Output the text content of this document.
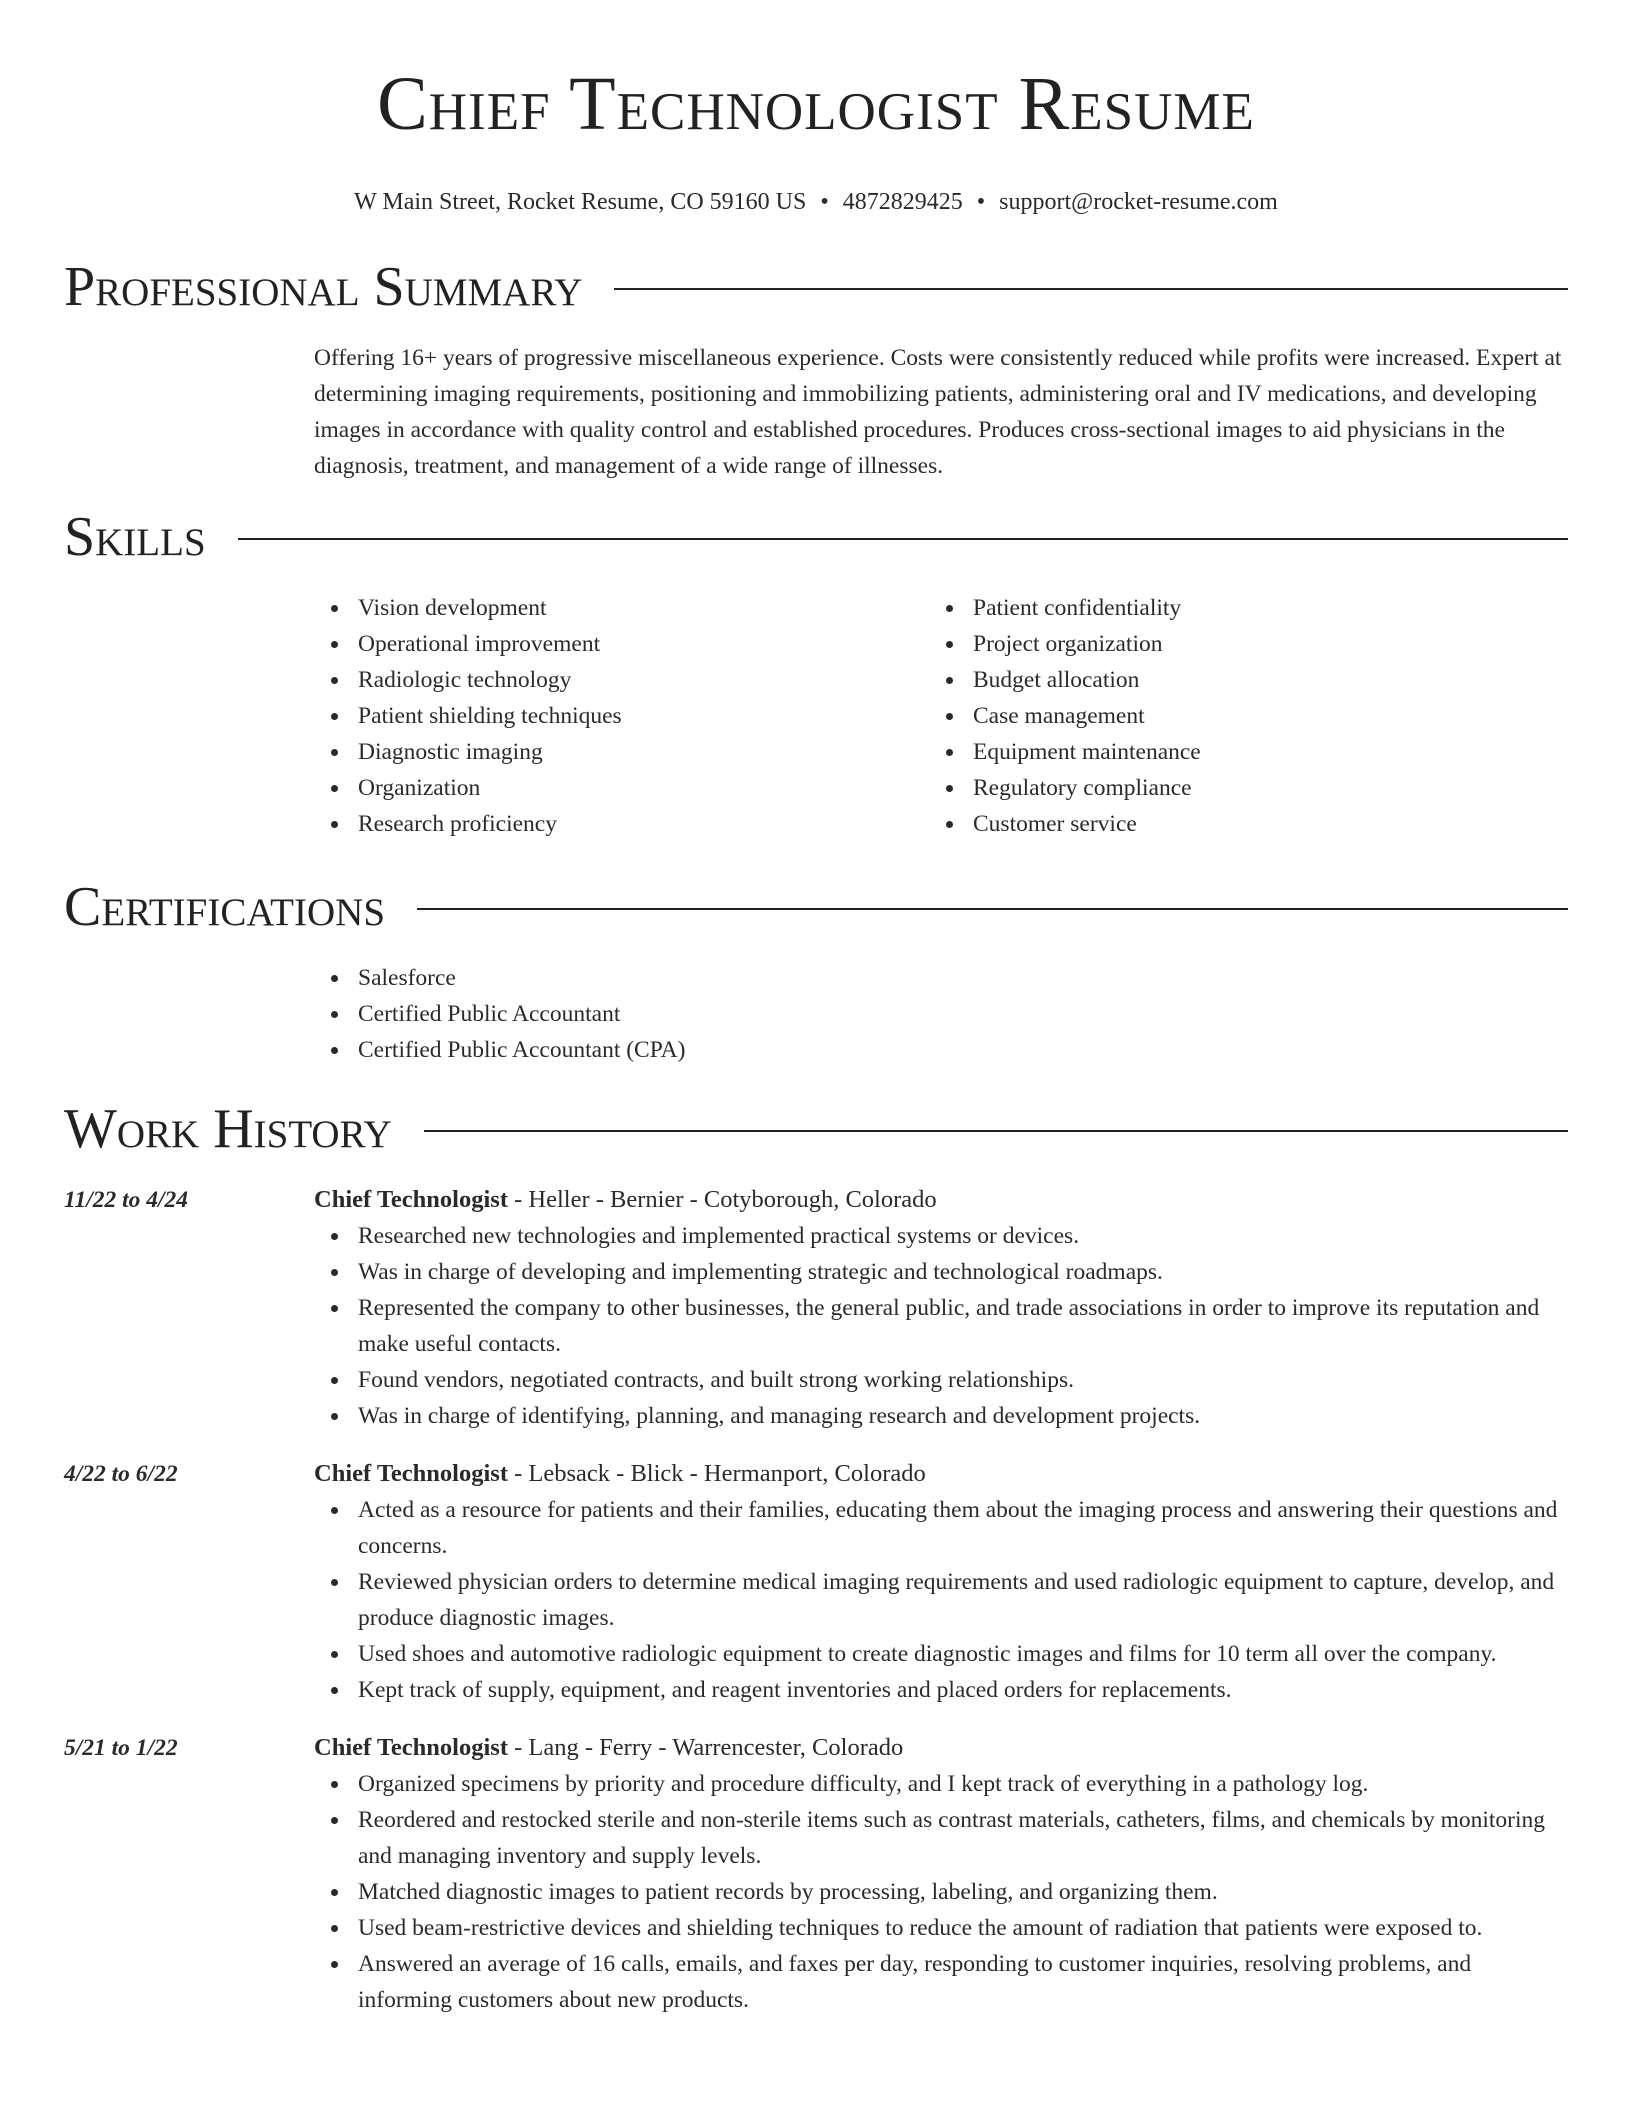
Chief Technologist Resume
W Main Street, Rocket Resume, CO 59160 US • 4872829425 • support@rocket-resume.com
Professional Summary
Offering 16+ years of progressive miscellaneous experience. Costs were consistently reduced while profits were increased. Expert at determining imaging requirements, positioning and immobilizing patients, administering oral and IV medications, and developing images in accordance with quality control and established procedures. Produces cross-sectional images to aid physicians in the diagnosis, treatment, and management of a wide range of illnesses.
Skills
Vision development
Operational improvement
Radiologic technology
Patient shielding techniques
Diagnostic imaging
Organization
Research proficiency
Patient confidentiality
Project organization
Budget allocation
Case management
Equipment maintenance
Regulatory compliance
Customer service
Certifications
Salesforce
Certified Public Accountant
Certified Public Accountant (CPA)
Work History
11/22 to 4/24	Chief Technologist - Heller - Bernier - Cotyborough, Colorado
Researched new technologies and implemented practical systems or devices.
Was in charge of developing and implementing strategic and technological roadmaps.
Represented the company to other businesses, the general public, and trade associations in order to improve its reputation and make useful contacts.
Found vendors, negotiated contracts, and built strong working relationships.
Was in charge of identifying, planning, and managing research and development projects.
4/22 to 6/22	Chief Technologist - Lebsack - Blick - Hermanport, Colorado
Acted as a resource for patients and their families, educating them about the imaging process and answering their questions and concerns.
Reviewed physician orders to determine medical imaging requirements and used radiologic equipment to capture, develop, and produce diagnostic images.
Used shoes and automotive radiologic equipment to create diagnostic images and films for 10 term all over the company.
Kept track of supply, equipment, and reagent inventories and placed orders for replacements.
5/21 to 1/22	Chief Technologist - Lang - Ferry - Warrencester, Colorado
Organized specimens by priority and procedure difficulty, and I kept track of everything in a pathology log.
Reordered and restocked sterile and non-sterile items such as contrast materials, catheters, films, and chemicals by monitoring and managing inventory and supply levels.
Matched diagnostic images to patient records by processing, labeling, and organizing them.
Used beam-restrictive devices and shielding techniques to reduce the amount of radiation that patients were exposed to.
Answered an average of 16 calls, emails, and faxes per day, responding to customer inquiries, resolving problems, and informing customers about new products.
